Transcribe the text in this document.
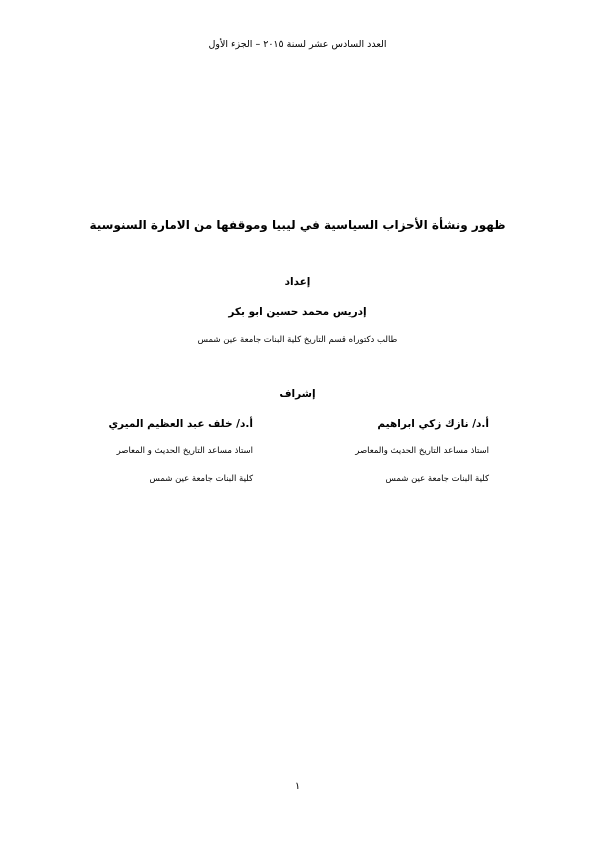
العدد السادس عشر لسنة ٢٠١٥ – الجزء الأول
ظهور ونشأة الأحزاب السياسية في ليبيا وموقفها من الامارة السنوسية
إعداد
إدريس محمد حسين ابو بكر
طالب دكتوراه قسم التاريخ كلية البنات جامعة عين شمس
إشراف
أ.د/ نازك زكي ابراهيم
استاذ مساعد التاريخ الحديث والمعاصر
كلية البنات جامعة عين شمس
أ.د/ خلف عبد العظيم الميري
استاذ مساعد التاريخ الحديث و المعاصر
كلية البنات جامعة عين شمس
١
